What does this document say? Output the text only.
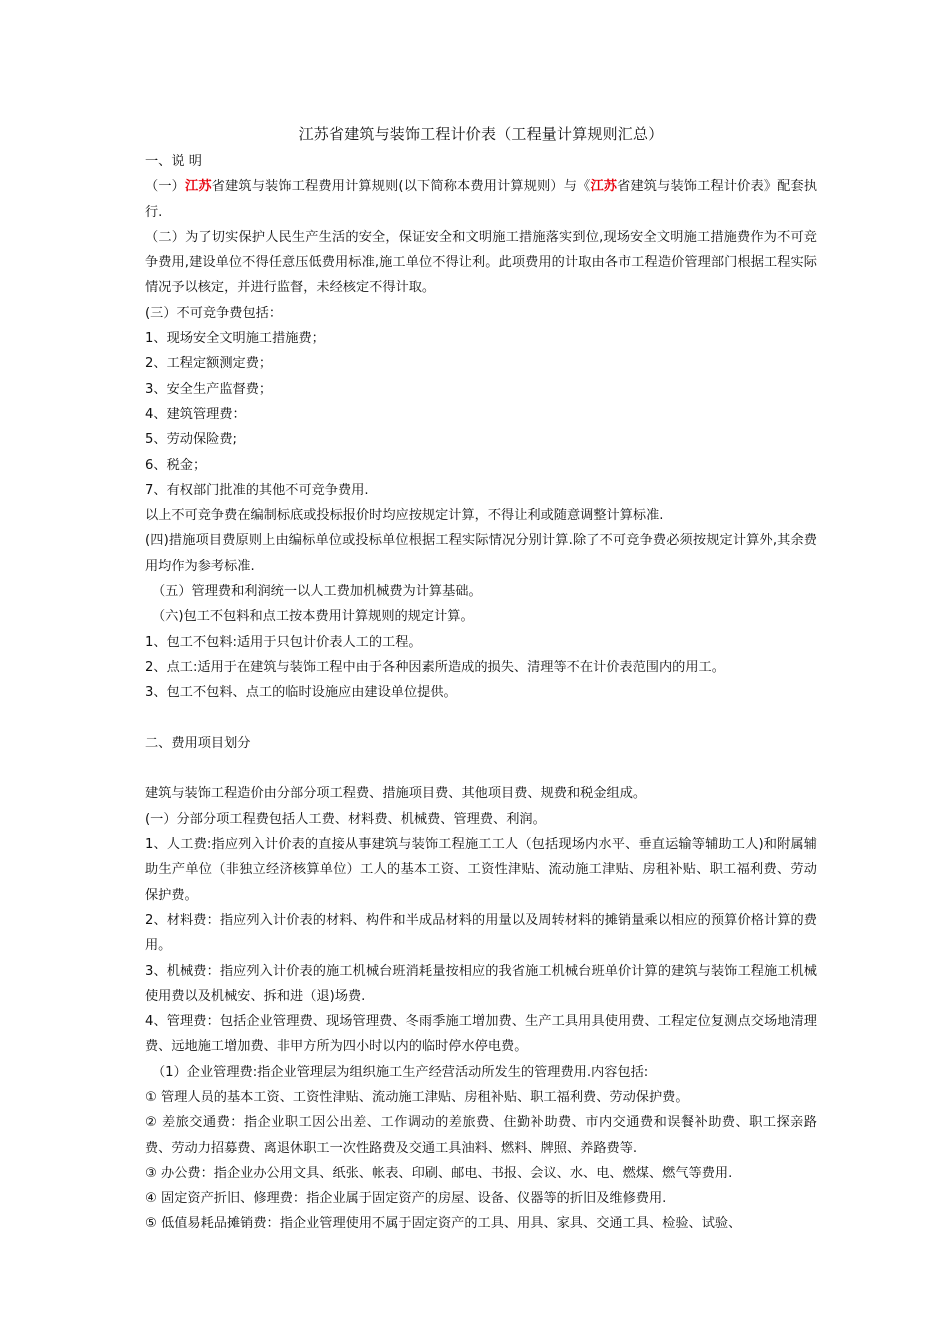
江苏省建筑与装饰工程计价表（工程量计算规则汇总）

一、说 明

（一）江苏省建筑与装饰工程费用计算规则(以下简称本费用计算规则）与《江苏省建筑与装饰工程计价表》配套执行.

（二）为了切实保护人民生产生活的安全，保证安全和文明施工措施落实到位,现场安全文明施工措施费作为不可竞争费用,建设单位不得任意压低费用标准,施工单位不得让利。此项费用的计取由各市工程造价管理部门根据工程实际情况予以核定，并进行监督，未经核定不得计取。

(三）不可竞争费包括：

1、现场安全文明施工措施费；

2、工程定额测定费；

3、安全生产监督费；

4、建筑管理费：

5、劳动保险费;

6、税金；

7、有权部门批准的其他不可竞争费用.

以上不可竞争费在编制标底或投标报价时均应按规定计算，不得让利或随意调整计算标准.

(四)措施项目费原则上由编标单位或投标单位根据工程实际情况分别计算.除了不可竞争费必须按规定计算外,其余费用均作为参考标准.

（五）管理费和利润统一以人工费加机械费为计算基础。

（六)包工不包料和点工按本费用计算规则的规定计算。

1、包工不包料:适用于只包计价表人工的工程。

2、点工:适用于在建筑与装饰工程中由于各种因素所造成的损失、清理等不在计价表范围内的用工。

3、包工不包料、点工的临时设施应由建设单位提供。

二、费用项目划分

建筑与装饰工程造价由分部分项工程费、措施项目费、其他项目费、规费和税金组成。

(一）分部分项工程费包括人工费、材料费、机械费、管理费、利润。

1、人工费:指应列入计价表的直接从事建筑与装饰工程施工工人（包括现场内水平、垂直运输等辅助工人)和附属辅助生产单位（非独立经济核算单位）工人的基本工资、工资性津贴、流动施工津贴、房租补贴、职工福利费、劳动保护费。

2、材料费：指应列入计价表的材料、构件和半成品材料的用量以及周转材料的摊销量乘以相应的预算价格计算的费用。

3、机械费：指应列入计价表的施工机械台班消耗量按相应的我省施工机械台班单价计算的建筑与装饰工程施工机械使用费以及机械安、拆和进（退)场费.

4、管理费：包括企业管理费、现场管理费、冬雨季施工增加费、生产工具用具使用费、工程定位复测点交场地清理费、远地施工增加费、非甲方所为四小时以内的临时停水停电费。

（1）企业管理费:指企业管理层为组织施工生产经营活动所发生的管理费用.内容包括:

① 管理人员的基本工资、工资性津贴、流动施工津贴、房租补贴、职工福利费、劳动保护费。

② 差旅交通费：指企业职工因公出差、工作调动的差旅费、住勤补助费、市内交通费和误餐补助费、职工探亲路费、劳动力招募费、离退休职工一次性路费及交通工具油料、燃料、牌照、养路费等.

③ 办公费：指企业办公用文具、纸张、帐表、印刷、邮电、书报、会议、水、电、燃煤、燃气等费用.

④ 固定资产折旧、修理费：指企业属于固定资产的房屋、设备、仪器等的折旧及维修费用.

⑤ 低值易耗品摊销费：指企业管理使用不属于固定资产的工具、用具、家具、交通工具、检验、试验、
